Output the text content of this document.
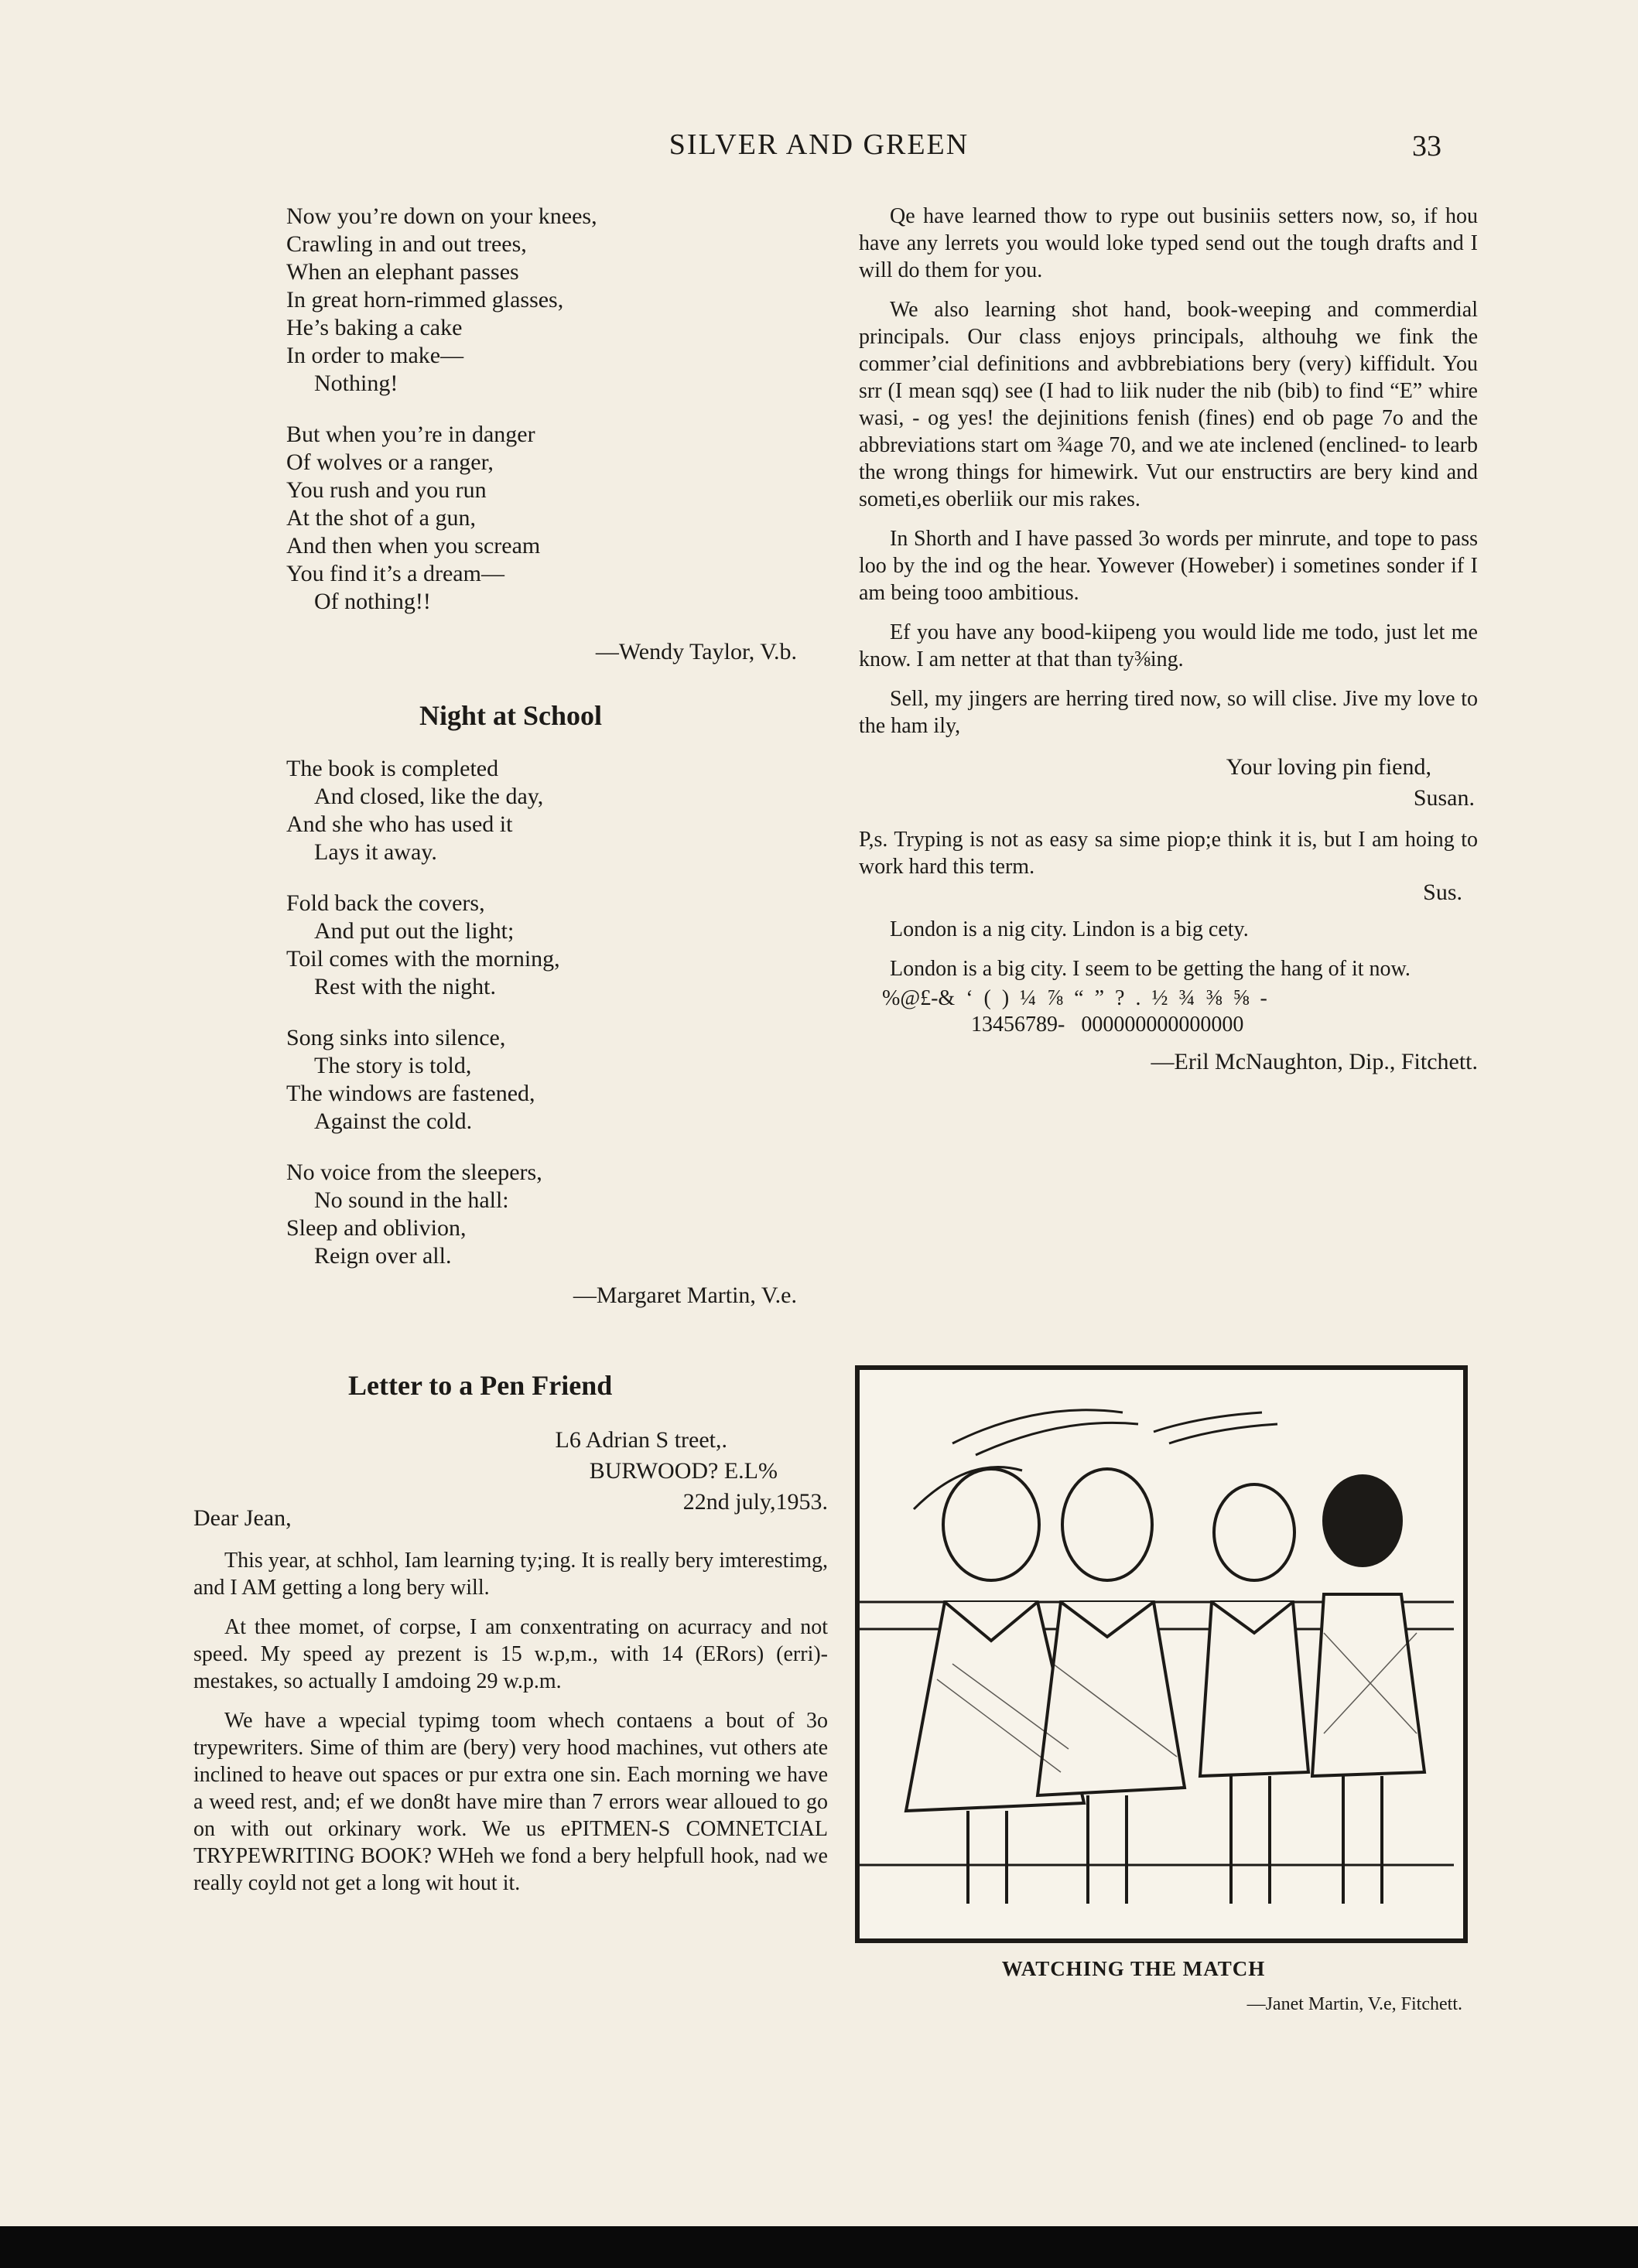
SILVER AND GREEN	33
Now you’re down on your knees,
Crawling in and out trees,
When an elephant passes
In great horn-rimmed glasses,
He’s baking a cake
In order to make—
Nothing!
But when you’re in danger
Of wolves or a ranger,
You rush and you run
At the shot of a gun,
And then when you scream
You find it’s a dream—
Of nothing!!
—Wendy Taylor, V.b.
Night at School
The book is completed
And closed, like the day,
And she who has used it
Lays it away.
Fold back the covers,
And put out the light;
Toil comes with the morning,
Rest with the night.
Song sinks into silence,
The story is told,
The windows are fastened,
Against the cold.
No voice from the sleepers,
No sound in the hall:
Sleep and oblivion,
Reign over all.
—Margaret Martin, V.e.
Letter to a Pen Friend
L6 Adrian S treet,.
BURWOOD? E.L%
22nd july,1953.
Dear Jean,

This year, at schhol, Iam learning ty;ing. It is really bery imterestimg, and I AM getting a long bery will.

At thee momet, of corpse, I am conxentrating on acurracy and not speed. My speed ay prezent is 15 w.p,m., with 14 (ERors) (erri)- mestakes, so actually I amdoing 29 w.p.m.

We have a wpecial typimg toom whech contaens a bout of 3o trypewriters. Sime of thim are (bery) very hood machines, vut others ate inclined to heave out spaces or pur extra one sin. Each morning we have a weed rest, and; ef we don8t have mire than 7 errors wear alloued to go on with out orkinary work. We us ePITMEN-S COMNETCIAL TRYPEWRITING BOOK? WHeh we fond a bery helpfull hook, nad we really coyld not get a long wit hout it.

Qe have learned thow to rype out businiis setters now, so, if hou have any lerrets you would loke typed send out the tough drafts and I will do them for you.

We also learning shot hand, book-weeping and commerdial principals. Our class enjoys principals, althouhg we fink the commer’cial definitions and avbbrebiations bery (very) kiffidult. You srr (I mean sqq) see (I had to liik nuder the nib (bib) to find “E” whire wasi, - og yes! the dejinitions fenish (fines) end ob page 7o and the abbreviations start om ¾age 70, and we ate inclened (enclined- to learb the wrong things for himewirk. Vut our enstructirs are bery kind and someti,es oberliik our mis rakes.

In Shorth and I have passed 3o words per minrute, and tope to pass loo by the ind og the hear. Yowever (Howeber) i sometines sonder if I am being tooo ambitious.

Ef you have any bood-kiipeng you would lide me todo, just let me know. I am netter at that than ty⅜ing.

Sell, my jingers are herring tired now, so will clise. Jive my love to the ham ily,

Your loving pin fiend,
Susan.

P,s. Tryping is not as easy sa sime piop;e think it is, but I am hoing to work hard this term.

Sus.

London is a nig city. Lindon is a big cety.

London is a big city. I seem to be getting the hang of it now.

%@£-&  ‘  (  )  ¼  ⅞  “  ”  ?  .  ½  ¾  ⅜  ⅝  -
13456789-   000000000000000
—Eril McNaughton, Dip., Fitchett.
WATCHING THE MATCH
—Janet Martin, V.e, Fitchett.
